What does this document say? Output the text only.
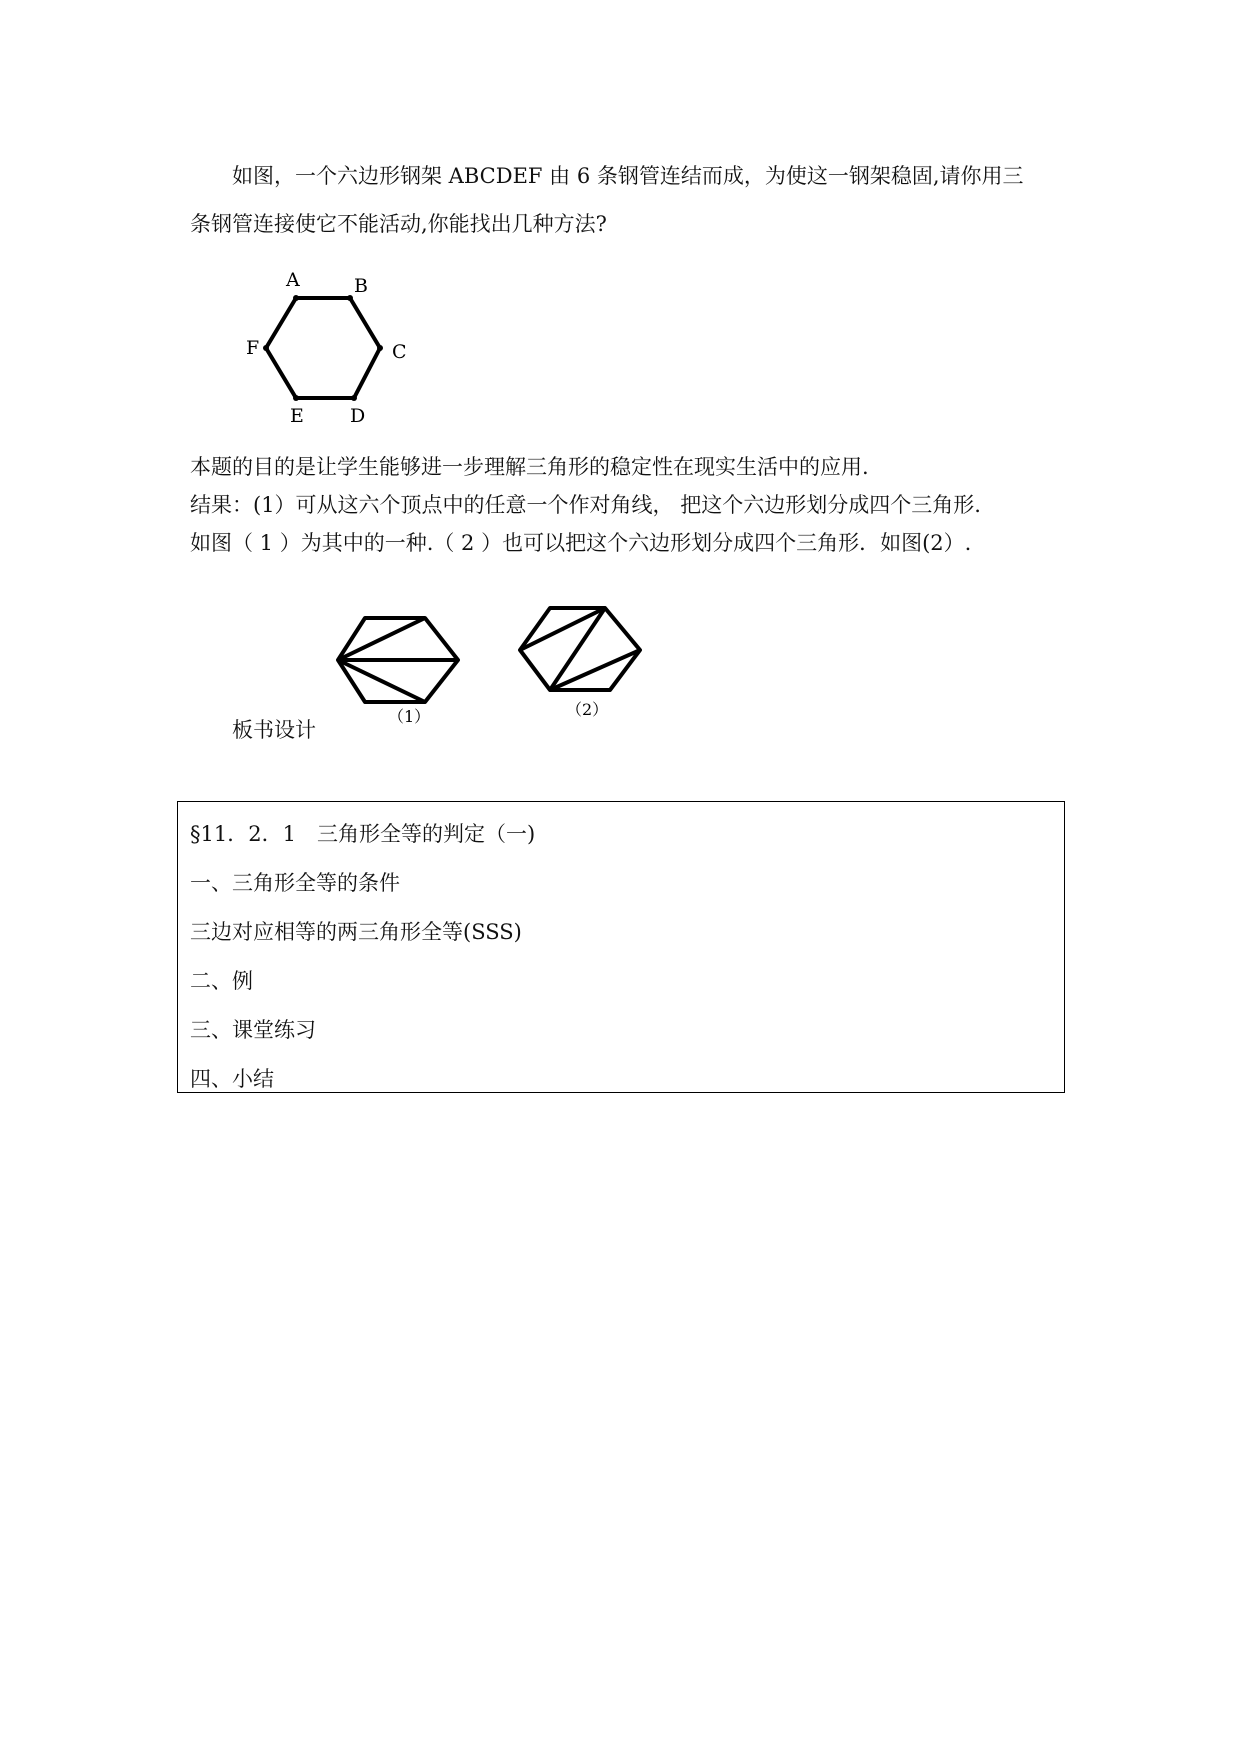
如图，一个六边形钢架 ABCDEF 由 6 条钢管连结而成，为使这一钢架稳固,请你用三
条钢管连接使它不能活动,你能找出几种方法?
A	B
C
D
E
F
本题的目的是让学生能够进一步理解三角形的稳定性在现实生活中的应用.
结果：(1）可从这六个顶点中的任意一个作对角线， 把这个六边形划分成四个三角形.
如图（ 1 ）为其中的一种.（ 2 ）也可以把这个六边形划分成四个三角形．如图(2）.
（1）	（2）

板书设计

§11．2．1　三角形全等的判定（一)

一、三角形全等的条件

三边对应相等的两三角形全等(SSS)

二、例

三、课堂练习

四、小结
